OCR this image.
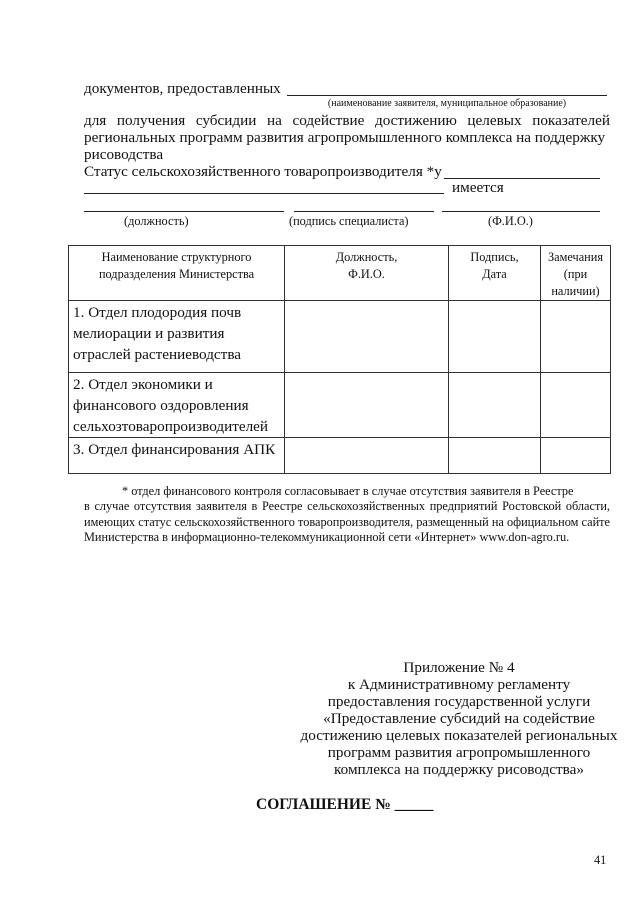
документов, предоставленных
(наименование заявителя, муниципальное образование)
для получения субсидии на содействие достижению целевых показателей
региональных программ развития агропромышленного комплекса на поддержку
рисоводства
Статус сельскохозяйственного товаропроизводителя *у
имеется
(должность)	(подпись специалиста)	(Ф.И.О.)
Наименование структурного подразделения Министерства	Должность, Ф.И.О.	Подпись, Дата	Замечания (при наличии)
1. Отдел плодородия почв мелиорации и развития отраслей растениеводства			
2. Отдел экономики и финансового оздоровления сельхозтоваропроизводителей			
3. Отдел финансирования АПК			
* отдел финансового контроля согласовывает в случае отсутствия заявителя в Реестре
в случае отсутствия заявителя в Реестре сельскохозяйственных предприятий Ростовской области, имеющих статус сельскохозяйственного товаропроизводителя, размещенный на официальном сайте Министерства в информационно-телекоммуникационной сети «Интернет» www.don-agro.ru.
Приложение № 4
к Административному регламенту
предоставления государственной услуги
«Предоставление субсидий на содействие
достижению целевых показателей региональных
программ развития агропромышленного
комплекса на поддержку рисоводства»
СОГЛАШЕНИЕ № _____
41
